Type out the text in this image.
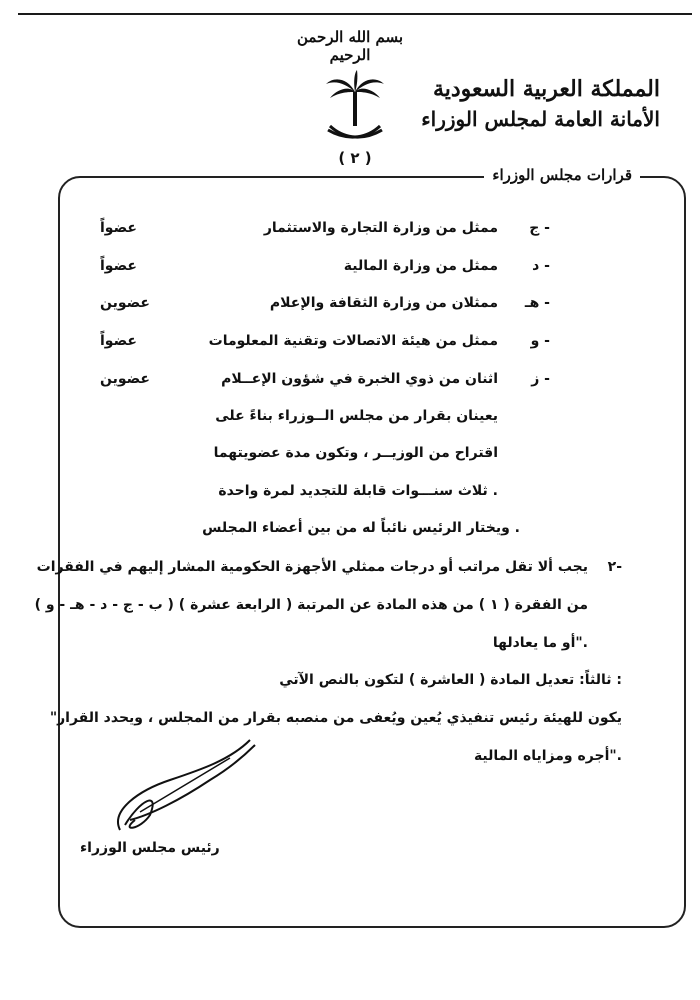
بسم الله الرحمن الرحيم
( ٢ )
المملكة العربية السعودية
الأمانة العامة لمجلس الوزراء
قرارات مجلس الوزراء
ج -
ممثل من وزارة التجارة والاستثمار
عضواً
د -
ممثل من وزارة المالية
عضواً
هـ -
ممثلان من وزارة الثقافة والإعلام
عضوين
و -
ممثل من هيئة الاتصالات وتقنية المعلومات
عضواً
ز -
اثنان من ذوي الخبرة في شؤون الإعــلام
عضوين
يعينان بقرار من مجلس الــوزراء بناءً على
اقتراح من الوزيــر ، وتكون مدة عضويتهما
ثلاث سنـــوات قابلة للتجديد لمرة واحدة .
ويختار الرئيس نائباً له من بين أعضاء المجلس .
٢-
يجب ألا تقل مراتب أو درجات ممثلي الأجهزة الحكومية المشار إليهم في الفقرات
( ب - ج - د - هـ - و ) من الفقرة ( ١ ) من هذه المادة عن المرتبة ( الرابعة عشرة )
أو ما يعادلها".
ثالثاً: تعديل المادة ( العاشرة ) لتكون بالنص الآتي :
"يكون للهيئة رئيس تنفيذي يُعين ويُعفى من منصبه بقرار من المجلس ، ويحدد القرار
أجره ومزاياه المالية".
رئيس مجلس الوزراء
